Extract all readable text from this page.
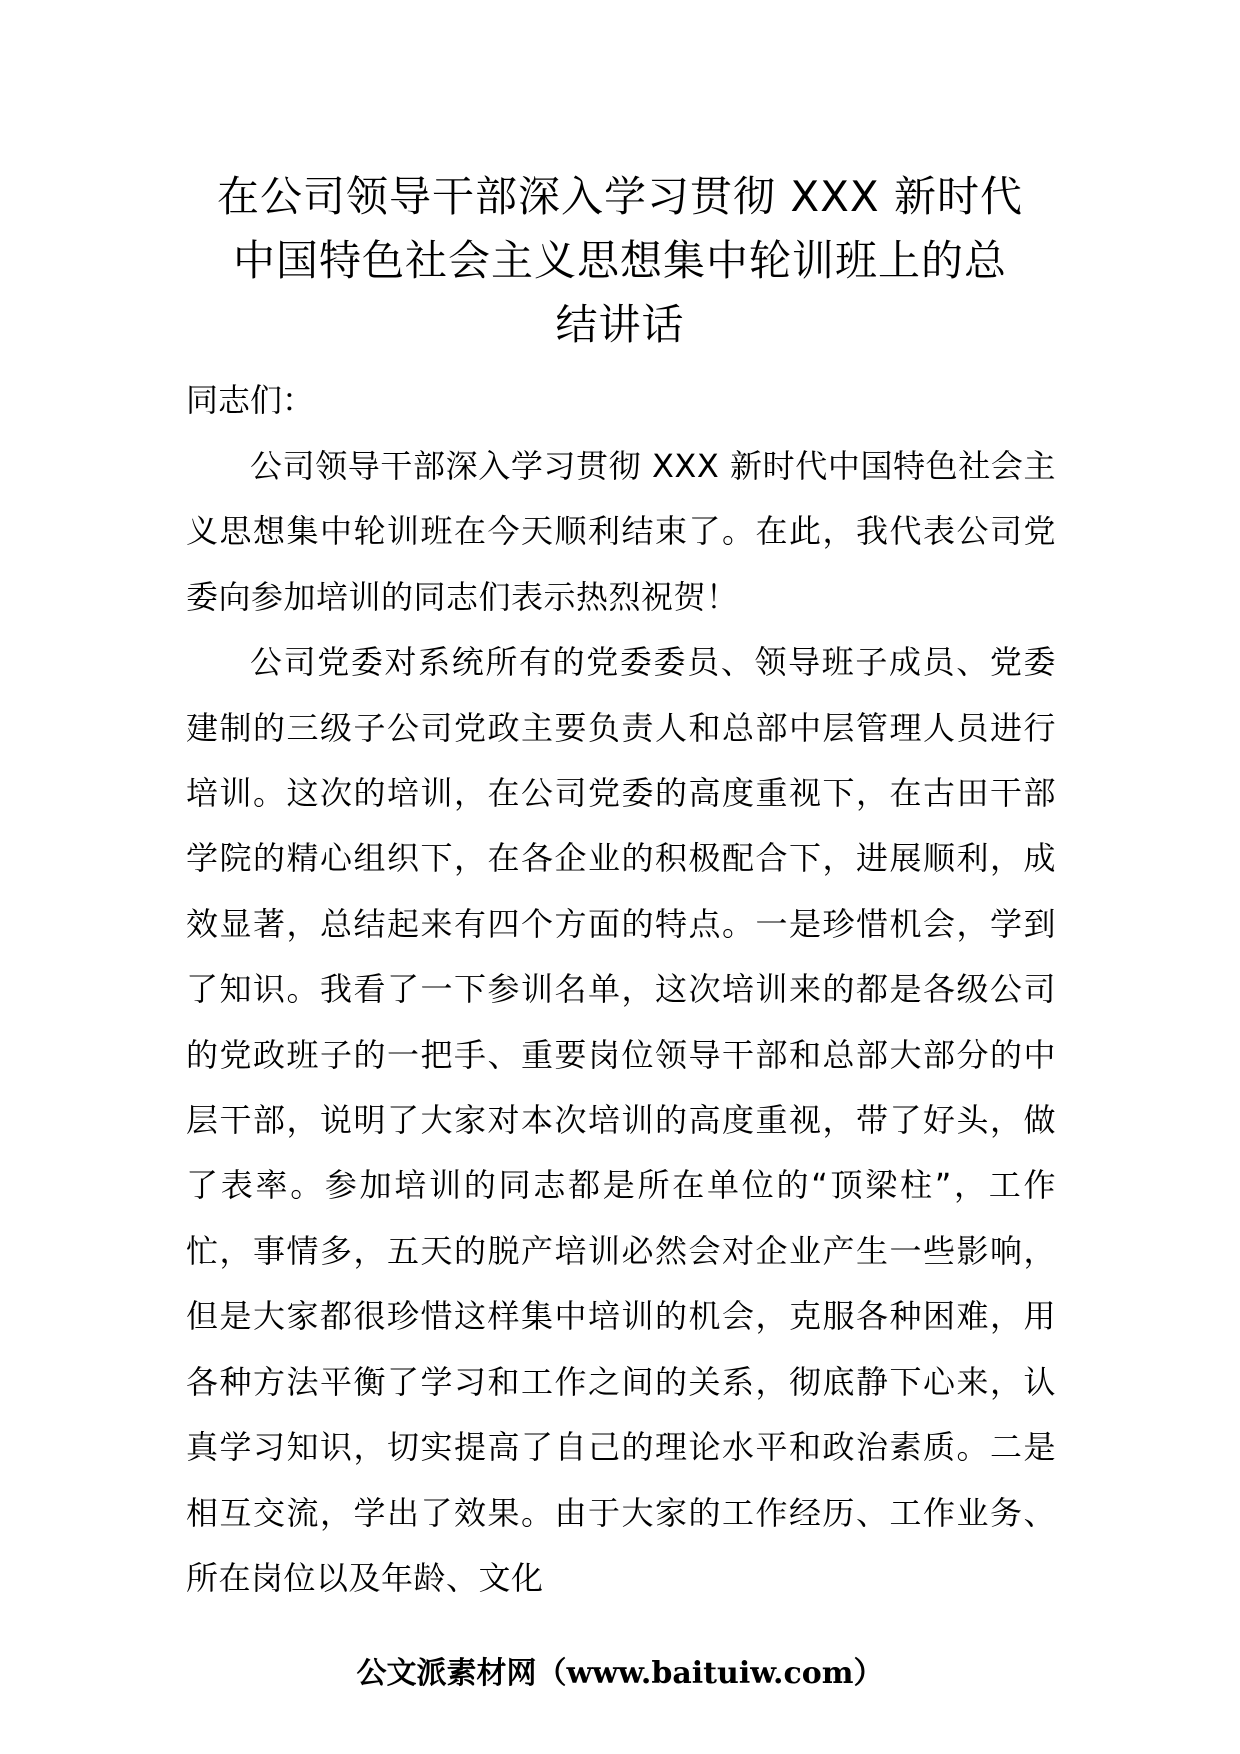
在公司领导干部深入学习贯彻 XXX 新时代
中国特色社会主义思想集中轮训班上的总
结讲话
同志们：

公司领导干部深入学习贯彻 XXX 新时代中国特色社会主义思想集中轮训班在今天顺利结束了。在此，我代表公司党委向参加培训的同志们表示热烈祝贺！

公司党委对系统所有的党委委员、领导班子成员、党委建制的三级子公司党政主要负责人和总部中层管理人员进行培训。这次的培训，在公司党委的高度重视下，在古田干部学院的精心组织下，在各企业的积极配合下，进展顺利，成效显著，总结起来有四个方面的特点。一是珍惜机会，学到了知识。我看了一下参训名单，这次培训来的都是各级公司的党政班子的一把手、重要岗位领导干部和总部大部分的中层干部，说明了大家对本次培训的高度重视，带了好头，做了表率。参加培训的同志都是所在单位的“顶梁柱”，工作忙，事情多，五天的脱产培训必然会对企业产生一些影响，但是大家都很珍惜这样集中培训的机会，克服各种困难，用各种方法平衡了学习和工作之间的关系，彻底静下心来，认真学习知识，切实提高了自己的理论水平和政治素质。二是相互交流，学出了效果。由于大家的工作经历、工作业务、所在岗位以及年龄、文化

公文派素材网（www.baituiw.com）
